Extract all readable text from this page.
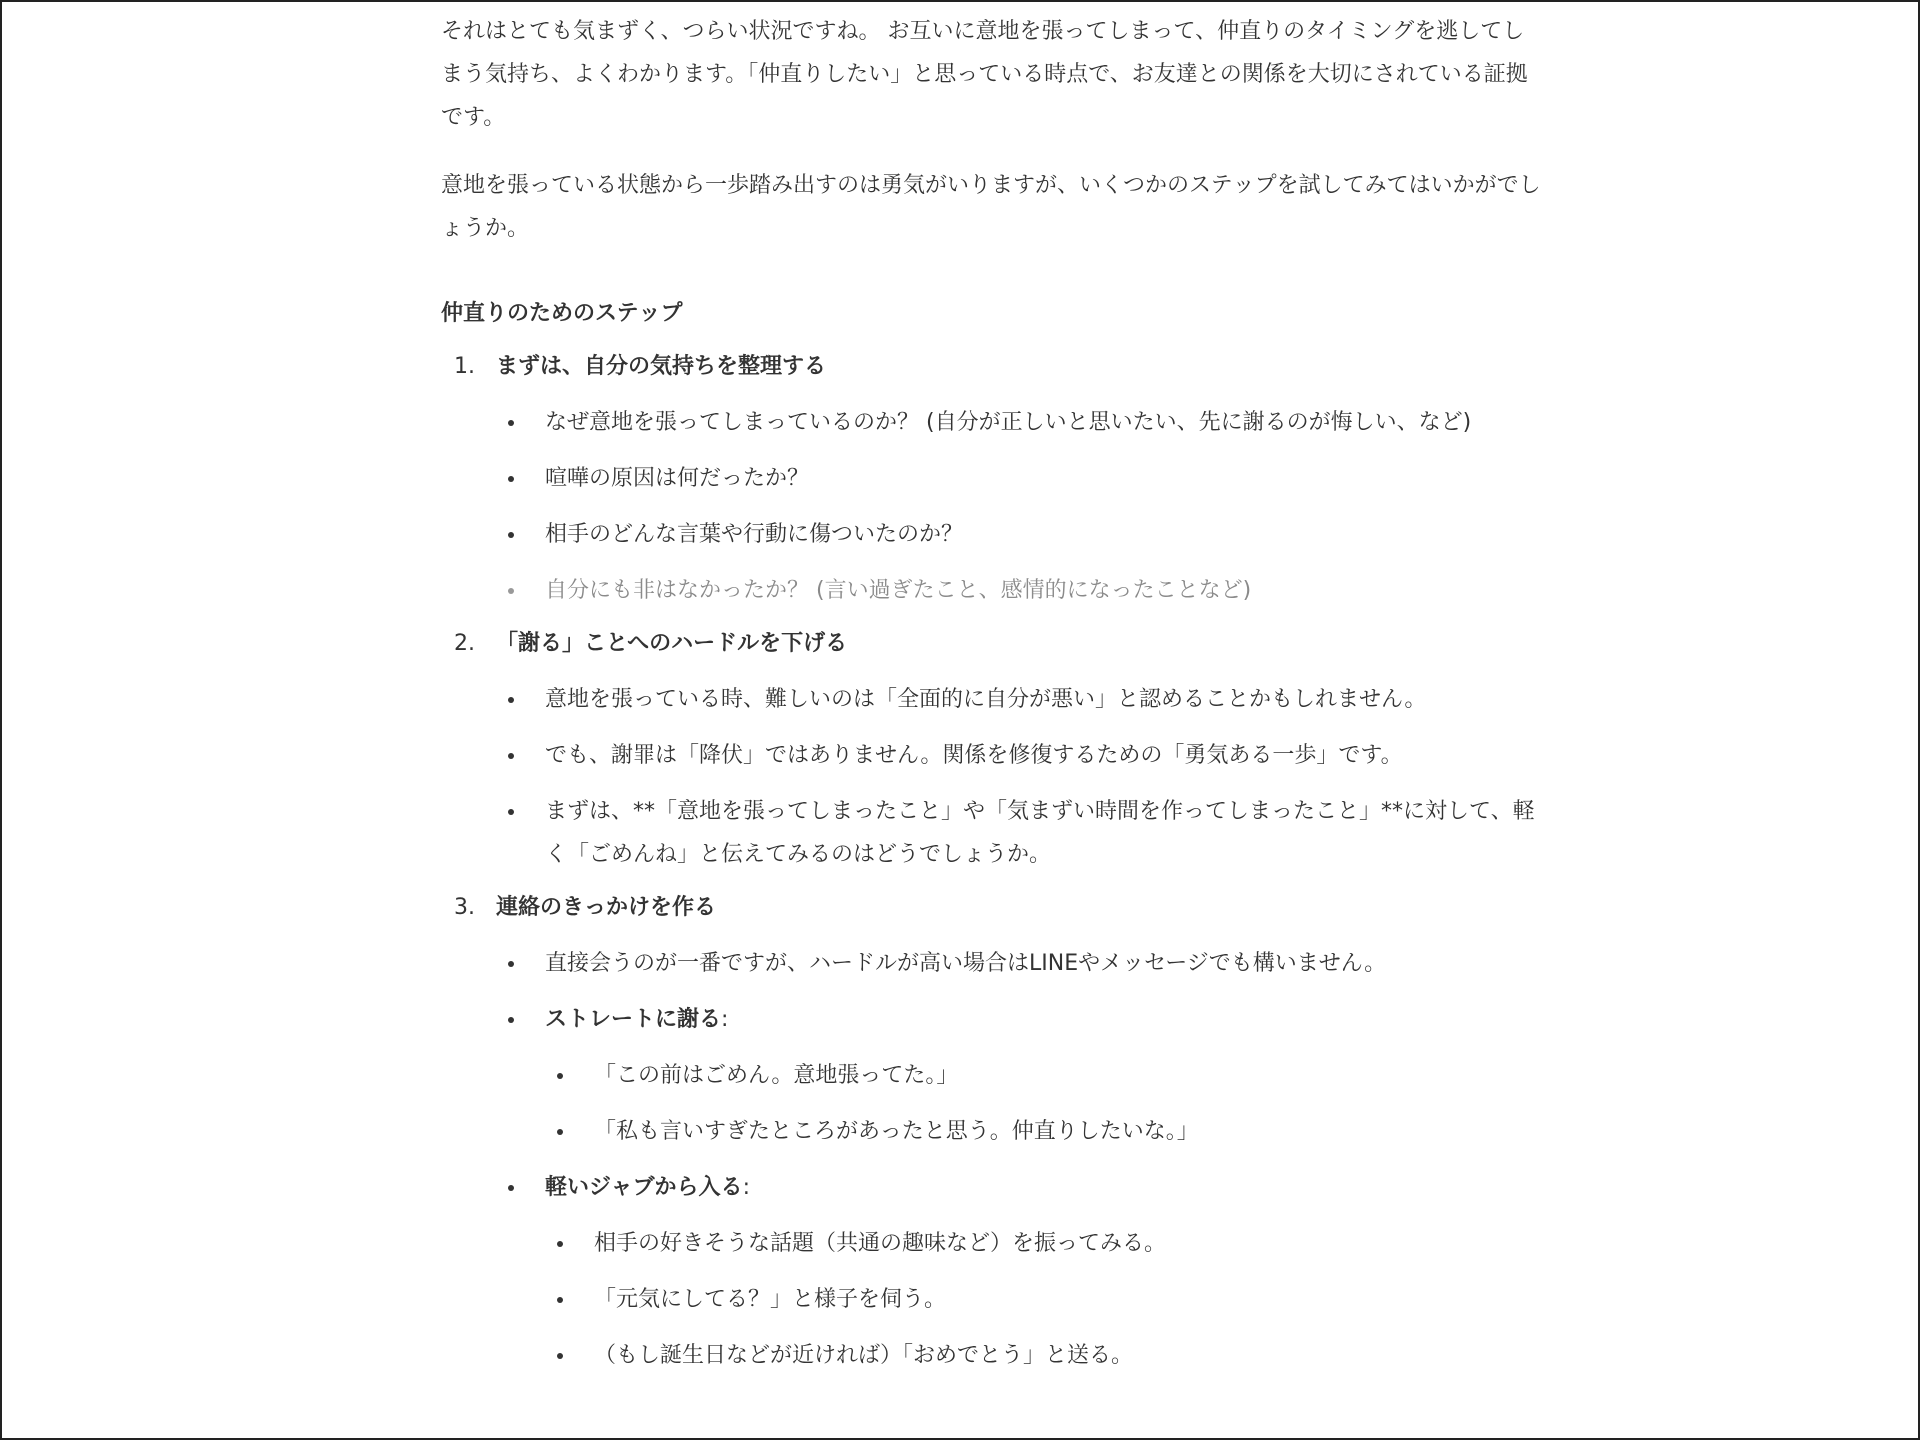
それはとても気まずく、つらい状況ですね。 お互いに意地を張ってしまって、仲直りのタイミングを逃してしまう気持ち、よくわかります。「仲直りしたい」と思っている時点で、お友達との関係を大切にされている証拠です。

意地を張っている状態から一歩踏み出すのは勇気がいりますが、いくつかのステップを試してみてはいかがでしょうか。

仲直りのためのステップ
1. まずは、自分の気持ちを整理する
なぜ意地を張ってしまっているのか？ (自分が正しいと思いたい、先に謝るのが悔しい、など)
喧嘩の原因は何だったか？
相手のどんな言葉や行動に傷ついたのか？
自分にも非はなかったか？ (言い過ぎたこと、感情的になったことなど)
2. 「謝る」ことへのハードルを下げる
意地を張っている時、難しいのは「全面的に自分が悪い」と認めることかもしれません。
でも、謝罪は「降伏」ではありません。関係を修復するための「勇気ある一歩」です。
まずは、**「意地を張ってしまったこと」や「気まずい時間を作ってしまったこと」**に対して、軽く「ごめんね」と伝えてみるのはどうでしょうか。
3. 連絡のきっかけを作る
直接会うのが一番ですが、ハードルが高い場合はLINEやメッセージでも構いません。
ストレートに謝る:
「この前はごめん。意地張ってた。」
「私も言いすぎたところがあったと思う。仲直りしたいな。」
軽いジャブから入る:
相手の好きそうな話題（共通の趣味など）を振ってみる。
「元気にしてる？」と様子を伺う。
（もし誕生日などが近ければ）「おめでとう」と送る。
